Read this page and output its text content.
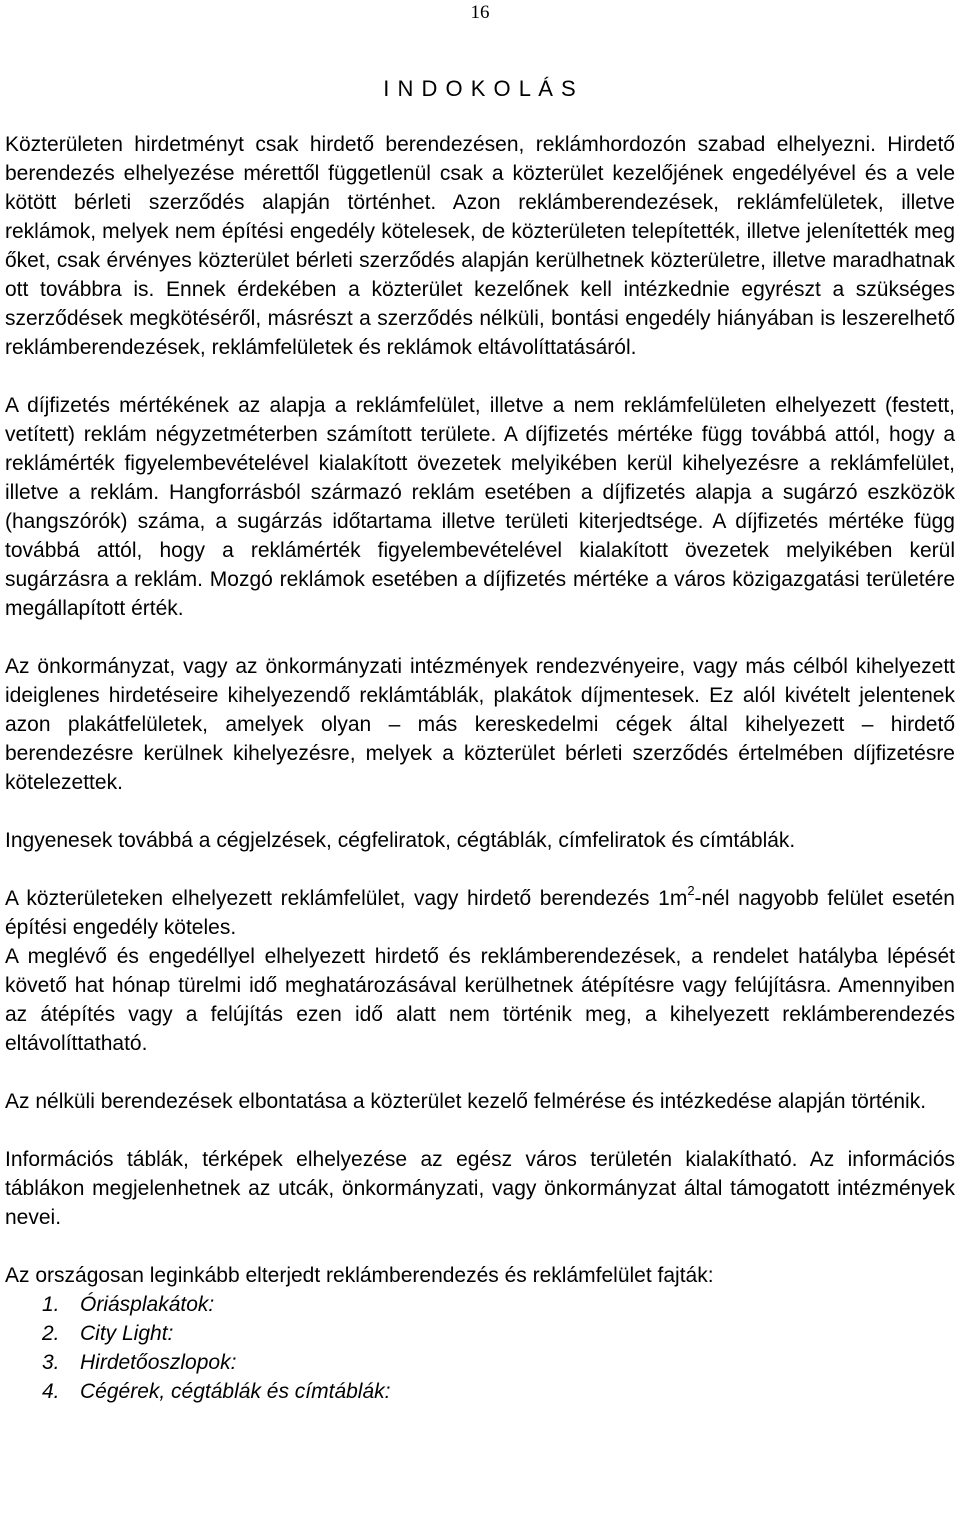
16
I N D O K O L Á S

Közterületen hirdetményt csak hirdető berendezésen, reklámhordozón szabad elhelyezni. Hirdető berendezés elhelyezése mérettől függetlenül csak a közterület kezelőjének engedélyével és a vele kötött bérleti szerződés alapján történhet. Azon reklámberendezések, reklámfelületek, illetve reklámok, melyek nem építési engedély kötelesek, de közterületen telepítették, illetve jelenítették meg őket, csak érvényes közterület bérleti szerződés alapján kerülhetnek közterületre, illetve maradhatnak ott továbbra is. Ennek érdekében a közterület kezelőnek kell intézkednie egyrészt a szükséges szerződések megkötéséről, másrészt a szerződés nélküli, bontási engedély hiányában is leszerelhető reklámberendezések, reklámfelületek és reklámok eltávolíttatásáról.

A díjfizetés mértékének az alapja a reklámfelület, illetve a nem reklámfelületen elhelyezett (festett, vetített) reklám négyzetméterben számított területe. A díjfizetés mértéke függ továbbá attól, hogy a reklámérték figyelembevételével kialakított övezetek melyikében kerül kihelyezésre a reklámfelület, illetve a reklám. Hangforrásból származó reklám esetében a díjfizetés alapja a sugárzó eszközök (hangszórók) száma, a sugárzás időtartama illetve területi kiterjedtsége. A díjfizetés mértéke függ továbbá attól, hogy a reklámérték figyelembevételével kialakított övezetek melyikében kerül sugárzásra a reklám. Mozgó reklámok esetében a díjfizetés mértéke a város közigazgatási területére megállapított érték.

Az önkormányzat, vagy az önkormányzati intézmények rendezvényeire, vagy más célból kihelyezett ideiglenes hirdetéseire kihelyezendő reklámtáblák, plakátok díjmentesek. Ez alól kivételt jelentenek azon plakátfelületek, amelyek olyan – más kereskedelmi cégek által kihelyezett – hirdető berendezésre kerülnek kihelyezésre, melyek a közterület bérleti szerződés értelmében díjfizetésre kötelezettek.

Ingyenesek továbbá a cégjelzések, cégfeliratok, cégtáblák, címfeliratok és címtáblák.

A közterületeken elhelyezett reklámfelület, vagy hirdető berendezés $1m^2$-nél nagyobb felület esetén építési engedély köteles.

A meglévő és engedéllyel elhelyezett hirdető és reklámberendezések, a rendelet hatályba lépését követő hat hónap türelmi idő meghatározásával kerülhetnek átépítésre vagy felújításra. Amennyiben az átépítés vagy a felújítás ezen idő alatt nem történik meg, a kihelyezett reklámberendezés eltávolíttatható.

Az nélküli berendezések elbontatása a közterület kezelő felmérése és intézkedése alapján történik.

Információs táblák, térképek elhelyezése az egész város területén kialakítható. Az információs táblákon megjelenhetnek az utcák, önkormányzati, vagy önkormányzat által támogatott intézmények nevei.

Az országosan leginkább elterjedt reklámberendezés és reklámfelület fajták:

1. Óriásplakátok:
2. City Light:
3. Hirdetőoszlopok:
4. Cégérek, cégtáblák és címtáblák:
